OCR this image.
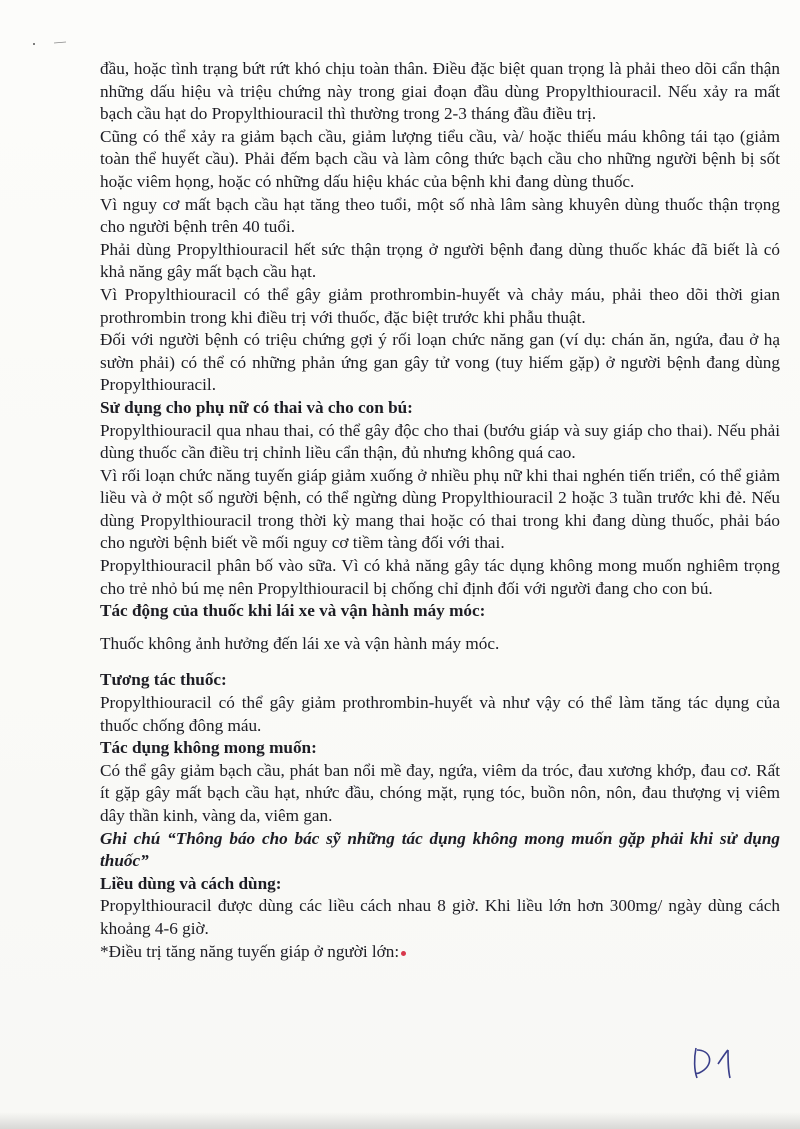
đầu, hoặc tình trạng bứt rứt khó chịu toàn thân. Điều đặc biệt quan trọng là phải theo dõi cẩn thận những dấu hiệu và triệu chứng này trong giai đoạn đầu dùng Propylthiouracil. Nếu xảy ra mất bạch cầu hạt do Propylthiouracil thì thường trong 2-3 tháng đầu điều trị.

Cũng có thể xảy ra giảm bạch cầu, giảm lượng tiểu cầu, và/ hoặc thiếu máu không tái tạo (giảm toàn thể huyết cầu). Phải đếm bạch cầu và làm công thức bạch cầu cho những người bệnh bị sốt hoặc viêm họng, hoặc có những dấu hiệu khác của bệnh khi đang dùng thuốc.

Vì nguy cơ mất bạch cầu hạt tăng theo tuổi, một số nhà lâm sàng khuyên dùng thuốc thận trọng cho người bệnh trên 40 tuổi.

Phải dùng Propylthiouracil hết sức thận trọng ở người bệnh đang dùng thuốc khác đã biết là có khả năng gây mất bạch cầu hạt.

Vì Propylthiouracil có thể gây giảm prothrombin-huyết và chảy máu, phải theo dõi thời gian prothrombin trong khi điều trị với thuốc, đặc biệt trước khi phẫu thuật.

Đối với người bệnh có triệu chứng gợi ý rối loạn chức năng gan (ví dụ: chán ăn, ngứa, đau ở hạ sườn phải) có thể có những phản ứng gan gây tử vong (tuy hiếm gặp) ở người bệnh đang dùng Propylthiouracil.

Sử dụng cho phụ nữ có thai và cho con bú:

Propylthiouracil qua nhau thai, có thể gây độc cho thai (bướu giáp và suy giáp cho thai). Nếu phải dùng thuốc cần điều trị chỉnh liều cẩn thận, đủ nhưng không quá cao.

Vì rối loạn chức năng tuyến giáp giảm xuống ở nhiều phụ nữ khi thai nghén tiến triển, có thể giảm liều và ở một số người bệnh, có thể ngừng dùng Propylthiouracil 2 hoặc 3 tuần trước khi đẻ. Nếu dùng Propylthiouracil trong thời kỳ mang thai hoặc có thai trong khi đang dùng thuốc, phải báo cho người bệnh biết về mối nguy cơ tiềm tàng đối với thai.

Propylthiouracil phân bố vào sữa. Vì có khả năng gây tác dụng không mong muốn nghiêm trọng cho trẻ nhỏ bú mẹ nên Propylthiouracil bị chống chỉ định đối với người đang cho con bú.

Tác động của thuốc khi lái xe và vận hành máy móc:

Thuốc không ảnh hưởng đến lái xe và vận hành máy móc.

Tương tác thuốc:

Propylthiouracil có thể gây giảm prothrombin-huyết và như vậy có thể làm tăng tác dụng của thuốc chống đông máu.

Tác dụng không mong muốn:

Có thể gây giảm bạch cầu, phát ban nổi mề đay, ngứa, viêm da tróc, đau xương khớp, đau cơ. Rất ít gặp gây mất bạch cầu hạt, nhức đầu, chóng mặt, rụng tóc, buồn nôn, nôn, đau thượng vị viêm dây thần kinh, vàng da, viêm gan.

Ghi chú “Thông báo cho bác sỹ những tác dụng không mong muốn gặp phải khi sử dụng thuốc”

Liều dùng và cách dùng:

Propylthiouracil được dùng các liều cách nhau 8 giờ. Khi liều lớn hơn 300mg/ ngày dùng cách khoảng 4-6 giờ.

*Điều trị tăng năng tuyến giáp ở người lớn:
